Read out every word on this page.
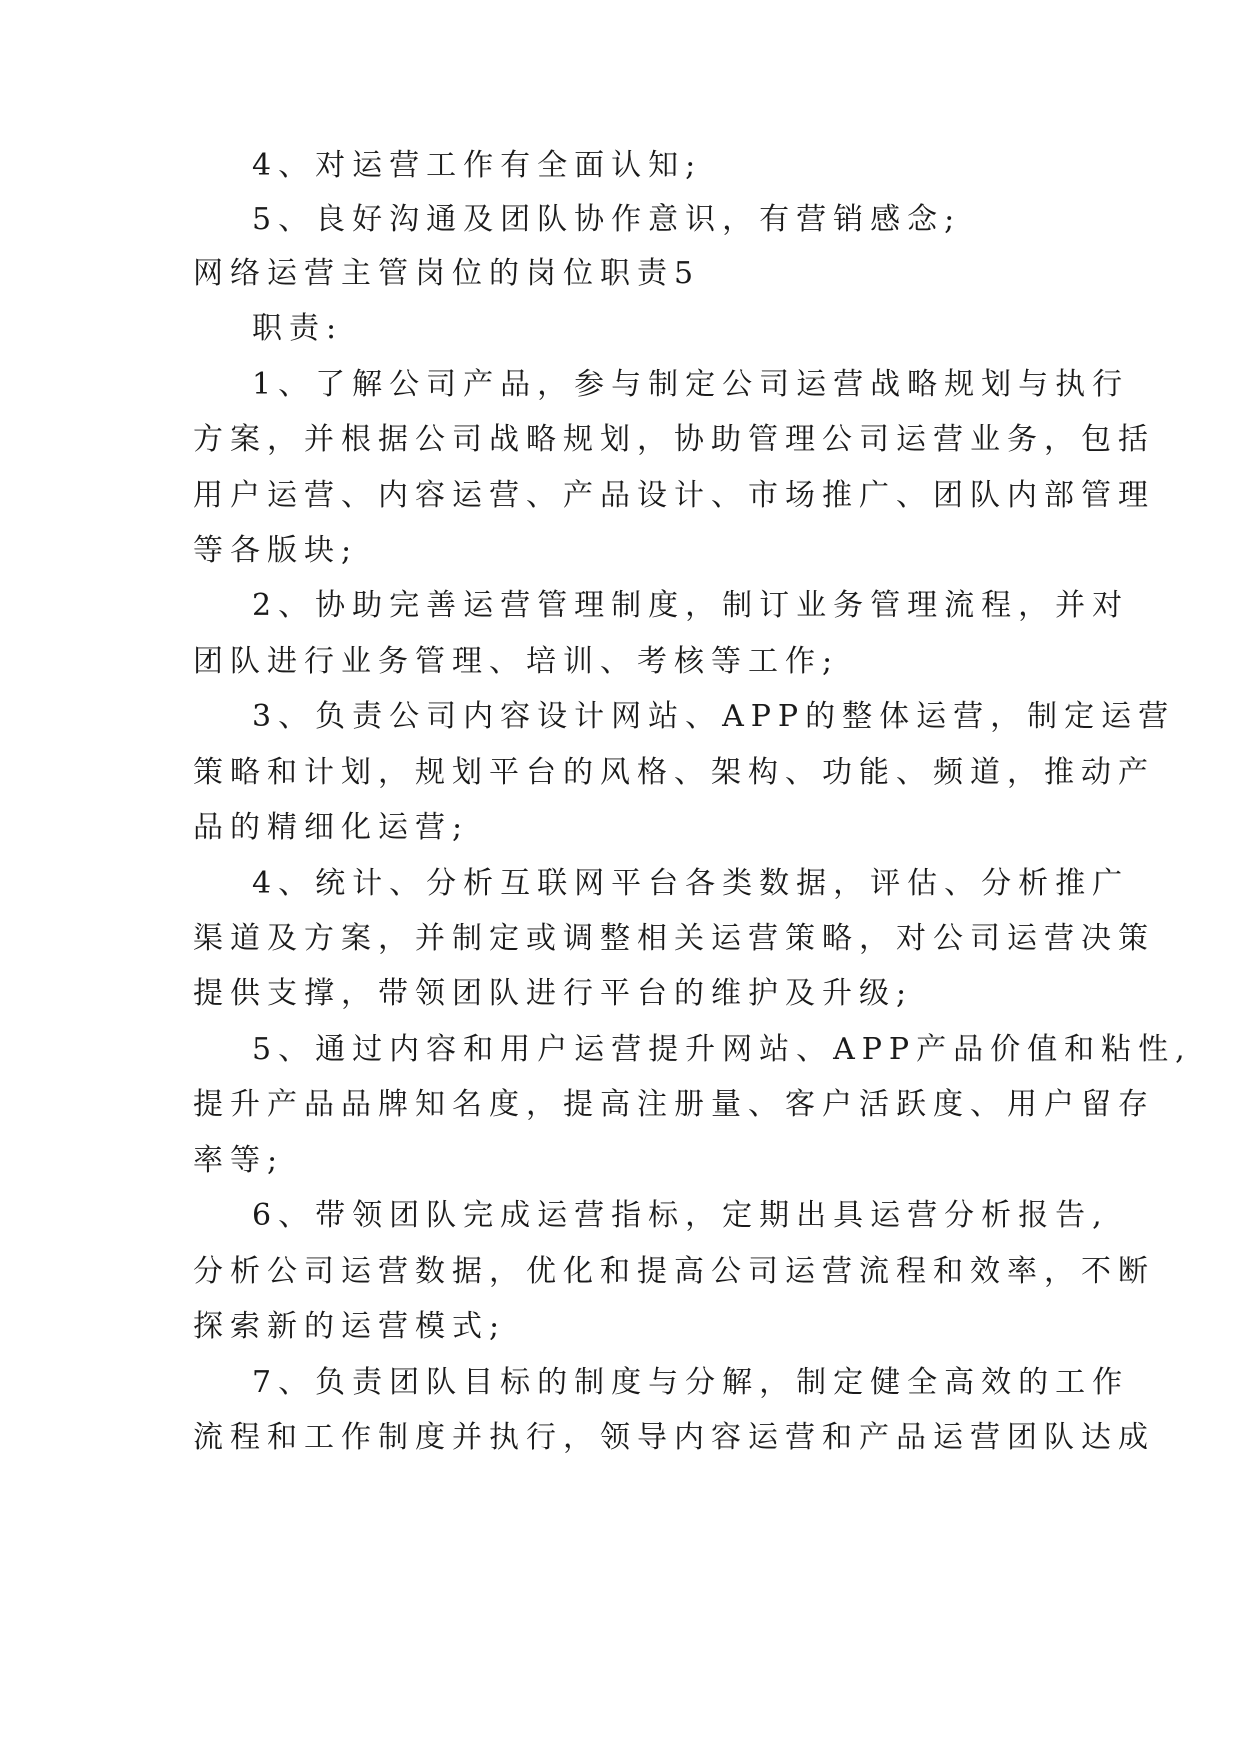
4、对运营工作有全面认知;
5、良好沟通及团队协作意识，有营销感念;
网络运营主管岗位的岗位职责5
职责:
1、了解公司产品，参与制定公司运营战略规划与执行
方案，并根据公司战略规划，协助管理公司运营业务，包括
用户运营、内容运营、产品设计、市场推广、团队内部管理
等各版块;
2、协助完善运营管理制度，制订业务管理流程，并对
团队进行业务管理、培训、考核等工作;
3、负责公司内容设计网站、APP的整体运营，制定运营
策略和计划，规划平台的风格、架构、功能、频道，推动产
品的精细化运营;
4、统计、分析互联网平台各类数据，评估、分析推广
渠道及方案，并制定或调整相关运营策略，对公司运营决策
提供支撑，带领团队进行平台的维护及升级;
5、通过内容和用户运营提升网站、APP产品价值和粘性,
提升产品品牌知名度，提高注册量、客户活跃度、用户留存
率等;
6、带领团队完成运营指标，定期出具运营分析报告,
分析公司运营数据，优化和提高公司运营流程和效率，不断
探索新的运营模式;
7、负责团队目标的制度与分解，制定健全高效的工作
流程和工作制度并执行，领导内容运营和产品运营团队达成
